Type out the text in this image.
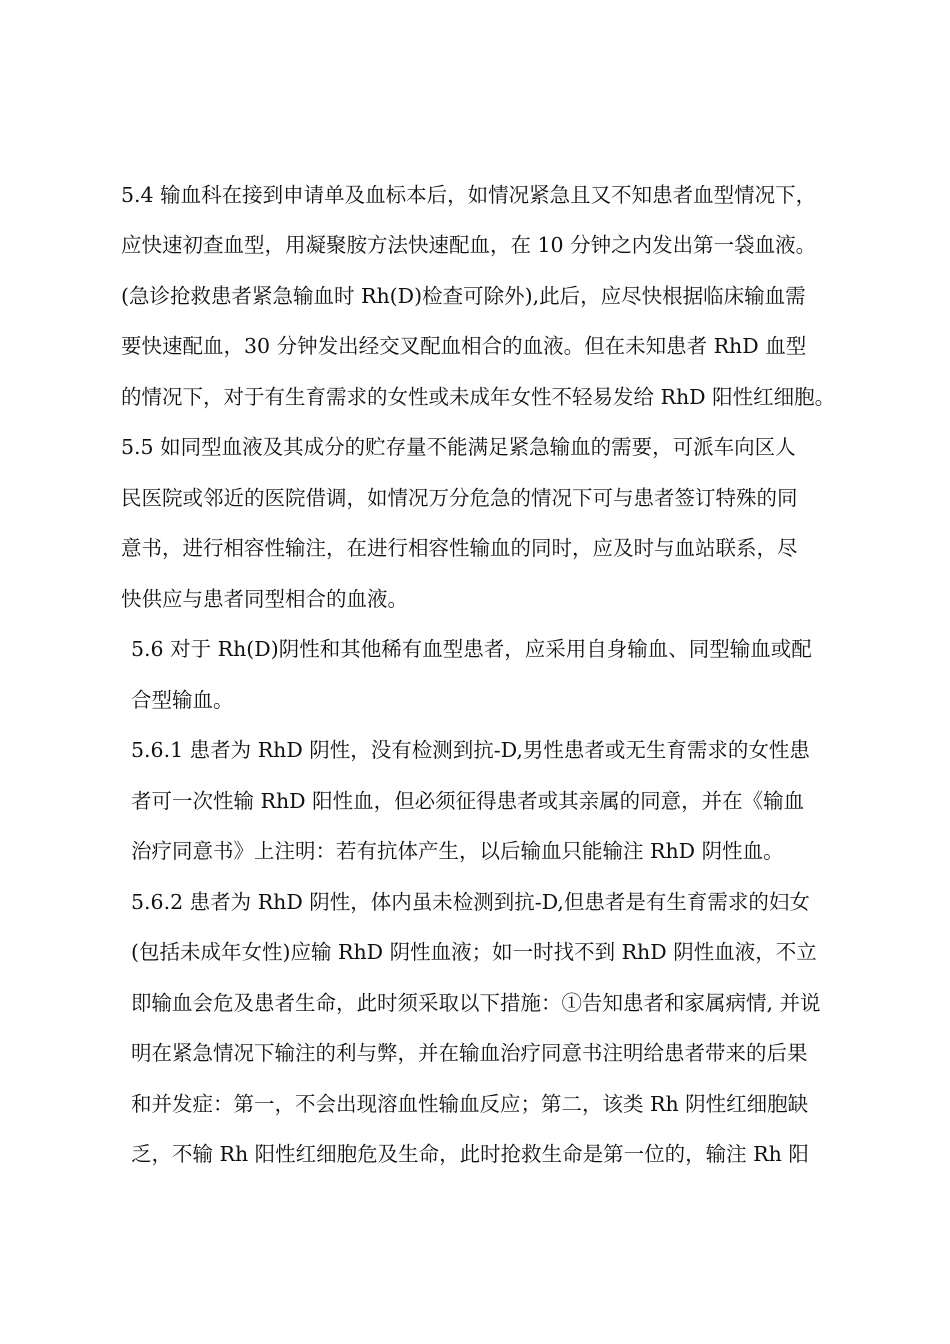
5.4 输血科在接到申请单及血标本后，如情况紧急且又不知患者血型情况下，
应快速初查血型，用凝聚胺方法快速配血，在 10 分钟之内发出第一袋血液。
(急诊抢救患者紧急输血时 Rh(D)检查可除外),此后，应尽快根据临床输血需
要快速配血，30 分钟发出经交叉配血相合的血液。但在未知患者 RhD 血型
的情况下，对于有生育需求的女性或未成年女性不轻易发给 RhD 阳性红细胞。
5.5 如同型血液及其成分的贮存量不能满足紧急输血的需要，可派车向区人
民医院或邻近的医院借调，如情况万分危急的情况下可与患者签订特殊的同
意书，进行相容性输注，在进行相容性输血的同时，应及时与血站联系，尽
快供应与患者同型相合的血液。
5.6 对于 Rh(D)阴性和其他稀有血型患者，应采用自身输血、同型输血或配
合型输血。
5.6.1 患者为 RhD 阴性，没有检测到抗-D,男性患者或无生育需求的女性患
者可一次性输 RhD 阳性血，但必须征得患者或其亲属的同意，并在《输血
治疗同意书》上注明：若有抗体产生，以后输血只能输注 RhD 阴性血。
5.6.2 患者为 RhD 阴性，体内虽未检测到抗-D,但患者是有生育需求的妇女
(包括未成年女性)应输 RhD 阴性血液；如一时找不到 RhD 阴性血液，不立
即输血会危及患者生命，此时须采取以下措施：①告知患者和家属病情, 并说
明在紧急情况下输注的利与弊，并在输血治疗同意书注明给患者带来的后果
和并发症：第一，不会出现溶血性输血反应；第二，该类 Rh 阴性红细胞缺
乏，不输 Rh 阳性红细胞危及生命，此时抢救生命是第一位的，输注 Rh 阳
